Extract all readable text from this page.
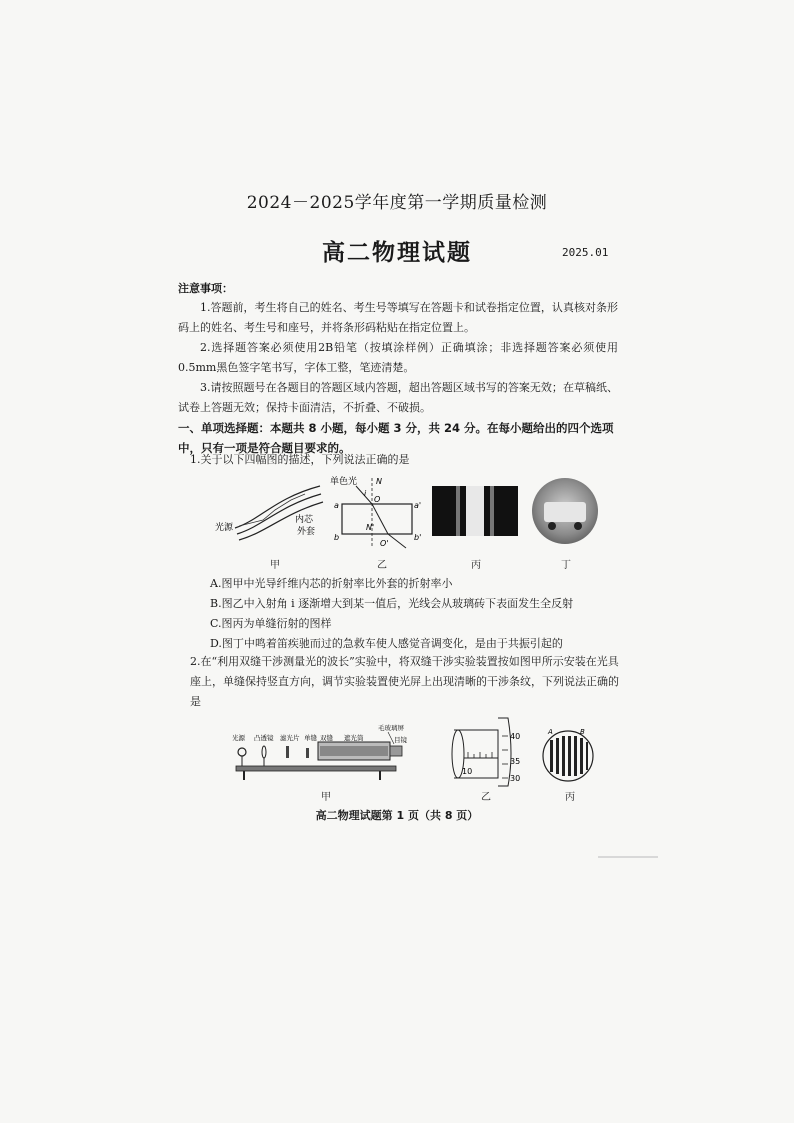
2024－2025学年度第一学期质量检测
高二物理试题	2025.01
注意事项：
1.答题前，考生将自己的姓名、考生号等填写在答题卡和试卷指定位置，认真核对条形码上的姓名、考生号和座号，并将条形码粘贴在指定位置上。
2.选择题答案必须使用2B铅笔（按填涂样例）正确填涂；非选择题答案必须使用0.5mm黑色签字笔书写，字体工整，笔迹清楚。
3.请按照题号在各题目的答题区域内答题，超出答题区域书写的答案无效；在草稿纸、试卷上答题无效；保持卡面清洁，不折叠、不破损。
一、单项选择题：本题共 8 小题，每小题 3 分，共 24 分。在每小题给出的四个选项中，只有一项是符合题目要求的。
1.关于以下四幅图的描述，下列说法正确的是
光源
内芯
外套
单色光 N
i
O
a	a'
N'
b
O'
b'
甲	乙	丙	丁
A.图甲中光导纤维内芯的折射率比外套的折射率小
B.图乙中入射角 i 逐渐增大到某一值后，光线会从玻璃砖下表面发生全反射
C.图丙为单缝衍射的图样
D.图丁中鸣着笛疾驰而过的急救车使人感觉音调变化，是由于共振引起的
2.在“利用双缝干涉测量光的波长”实验中，将双缝干涉实验装置按如图甲所示安装在光具座上，单缝保持竖直方向，调节实验装置使光屏上出现清晰的干涉条纹，下列说法正确的是
光源 凸透镜 滤光片 单缝 双缝 遮光筒
毛玻璃屏
目镜	40
35
30
10
A	B
甲	乙	丙
高二物理试题第 1 页（共 8 页）
